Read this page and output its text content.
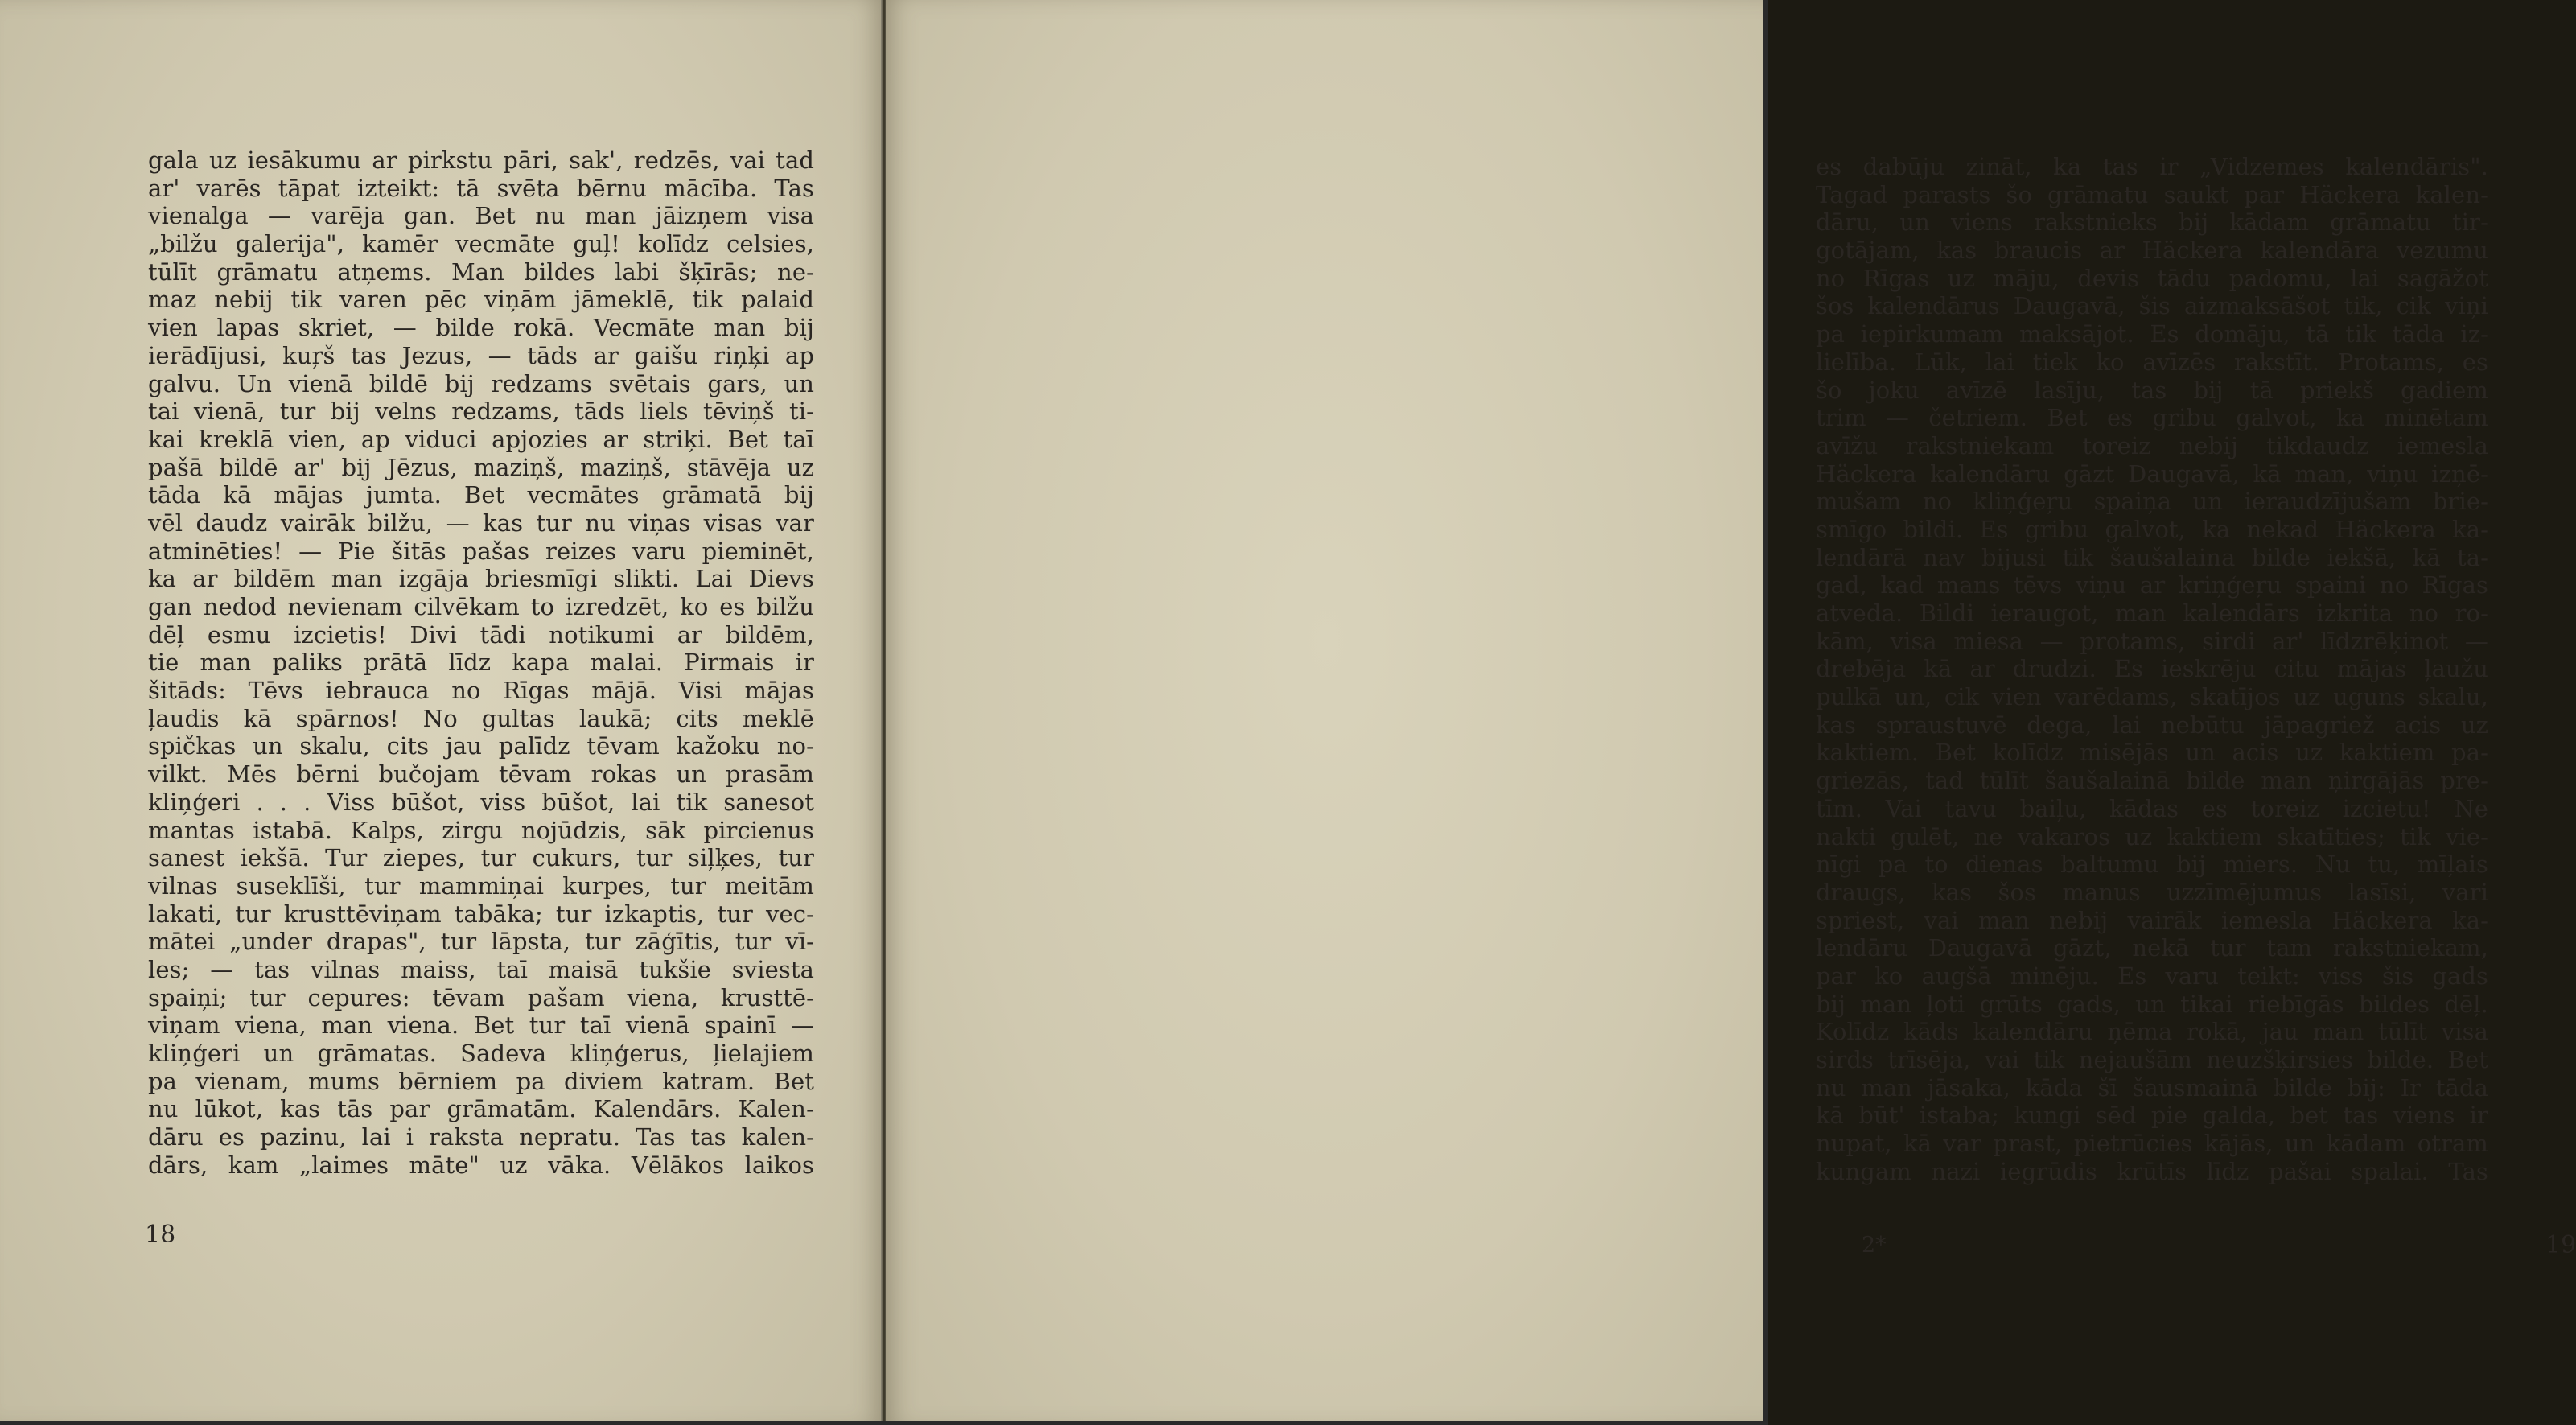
gala uz iesākumu ar pirkstu pāri, sak', redzēs, vai tad
ar' varēs tāpat izteikt: tā svēta bērnu mācība. Tas
vienalga — varēja gan. Bet nu man jāizņem visa
„bilžu galerija", kamēr vecmāte guļ! kolīdz celsies,
tūlīt grāmatu atņems. Man bildes labi šķīrās; ne-
maz nebij tik varen pēc viņām jāmeklē, tik palaid
vien lapas skriet, — bilde rokā. Vecmāte man bij
ierādījusi, kuŗš tas Jezus, — tāds ar gaišu riņķi ap
galvu. Un vienā bildē bij redzams svētais gars, un
tai vienā, tur bij velns redzams, tāds liels tēviņš ti-
kai kreklā vien, ap viduci apjozies ar striķi. Bet taī
pašā bildē ar' bij Jēzus, maziņš, maziņš, stāvēja uz
tāda kā mājas jumta. Bet vecmātes grāmatā bij
vēl daudz vairāk bilžu, — kas tur nu viņas visas var
atminēties! — Pie šitās pašas reizes varu pieminēt,
ka ar bildēm man izgāja briesmīgi slikti. Lai Dievs
gan nedod nevienam cilvēkam to izredzēt, ko es bilžu
dēļ esmu izcietis! Divi tādi notikumi ar bildēm,
tie man paliks prātā līdz kapa malai. Pirmais ir
šitāds: Tēvs iebrauca no Rīgas mājā. Visi mājas
ļaudis kā spārnos! No gultas laukā; cits meklē
spičkas un skalu, cits jau palīdz tēvam kažoku no-
vilkt. Mēs bērni bučojam tēvam rokas un prasām
kliņģeri . . . Viss būšot, viss būšot, lai tik sanesot
mantas istabā. Kalps, zirgu nojūdzis, sāk pircienus
sanest iekšā. Tur ziepes, tur cukurs, tur siļķes, tur
vilnas suseklīši, tur mammiņai kurpes, tur meitām
lakati, tur krusttēviņam tabāka; tur izkaptis, tur vec-
mātei „under drapas", tur lāpsta, tur zāģītis, tur vī-
les; — tas vilnas maiss, taī maisā tukšie sviesta
spaiņi; tur cepures: tēvam pašam viena, krusttē-
viņam viena, man viena. Bet tur taī vienā spainī —
kliņģeri un grāmatas. Sadeva kliņģerus, ļielajiem
pa vienam, mums bērniem pa diviem katram. Bet
nu lūkot, kas tās par grāmatām. Kalendārs. Kalen-
dāru es pazinu, lai i raksta nepratu. Tas tas kalen-
dārs, kam „laimes māte" uz vāka. Vēlākos laikos
18
es dabūju zināt, ka tas ir „Vidzemes kalendāris".
Tagad parasts šo grāmatu saukt par Häckera kalen-
dāru, un viens rakstnieks bij kādam grāmatu tir-
gotājam, kas braucis ar Häckera kalendāra vezumu
no Rīgas uz māju, devis tādu padomu, lai sagāžot
šos kalendārus Daugavā, šis aizmaksāšot tik, cik viņi
pa iepirkumam maksājot. Es domāju, tā tik tāda iz-
lielība. Lūk, lai tiek ko avīzēs rakstīt. Protams, es
šo joku avīzē lasīju, tas bij tā priekš gadiem
trim — četriem. Bet es gribu galvot, ka minētam
avīžu rakstniekam toreiz nebij tikdaudz iemesla
Häckera kalendāru gāzt Daugavā, kā man, viņu izņē-
mušam no kliņģeŗu spaiņa un ieraudzījušam brie-
smīgo bildi. Es gribu galvot, ka nekad Häckera ka-
lendārā nav bijusi tik šaušalaina bilde iekšā, kā ta-
gad, kad mans tēvs viņu ar kriņģeŗu spaini no Rīgas
atveda. Bildi ieraugot, man kalendārs izkrita no ro-
kām, visa miesa — protams, sirdi ar' līdzrēķinot —
drebēja kā ar drudzi. Es ieskrēju citu mājas ļaužu
pulkā un, cik vien varēdams, skatījos uz uguns skalu,
kas spraustuvē dega, lai nebūtu jāpagriež acis uz
kaktiem. Bet kolīdz misējās un acis uz kaktiem pa-
griezās, tad tūlīt šaušalainā bilde man ņirgājās pre-
tīm. Vai tavu baiļu, kādas es toreiz izcietu! Ne
nakti gulēt, ne vakaros uz kaktiem skatīties; tik vie-
nīgi pa to dienas baltumu bij miers. Nu tu, mīļais
draugs, kas šos manus uzzīmējumus lasīsi, vari
spriest, vai man nebij vairāk iemesla Häckera ka-
lendāru Daugavā gāzt, nekā tur tam rakstniekam,
par ko augšā minēju. Es varu teikt: viss šis gads
bij man ļoti grūts gads, un tikai riebīgās bildes dēļ.
Kolīdz kāds kalendāru ņēma rokā, jau man tūlīt visa
sirds trīsēja, vai tik nejaušām neuzšķirsies bilde. Bet
nu man jāsaka, kāda šī šausmainā bilde bij: Ir tāda
kā būt' istaba; kungi sēd pie galda, bet tas viens ir
nupat, kā var prast, pietrūcies kājās, un kādam otram
kungam nazi iegrūdis krūtīs līdz pašai spalai. Tas
2*	19
